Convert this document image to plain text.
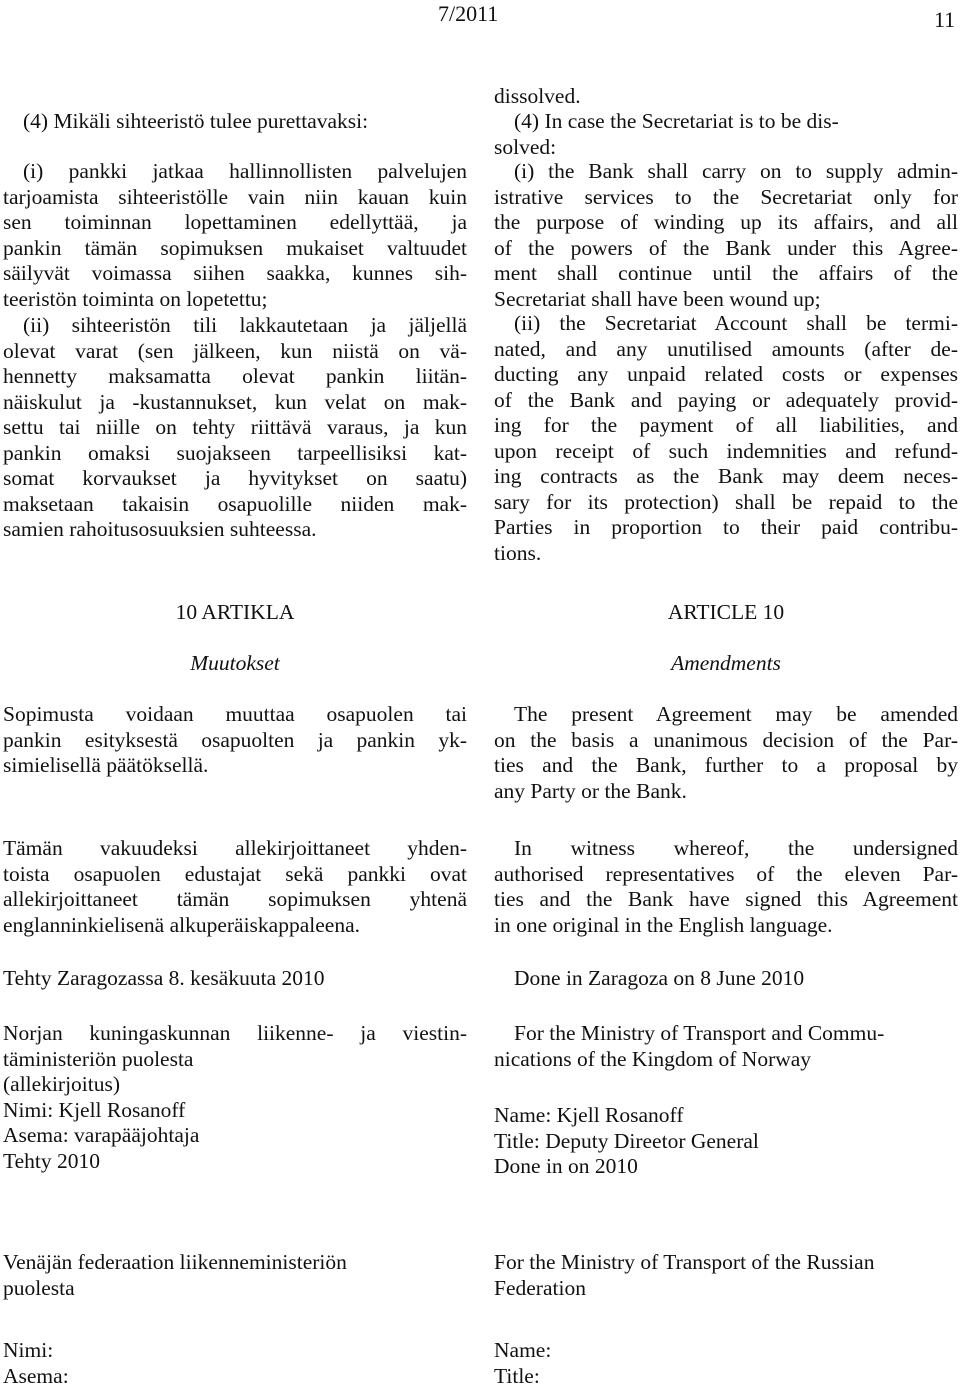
7/2011	11

(4) Mikäli sihteeristö tulee purettavaksi:

(i) pankki jatkaa hallinnollisten palvelujen
tarjoamista sihteeristölle vain niin kauan kuin
sen toiminnan lopettaminen edellyttää, ja
pankin tämän sopimuksen mukaiset valtuudet
säilyvät voimassa siihen saakka, kunnes sih-
teeristön toiminta on lopetettu;
(ii) sihteeristön tili lakkautetaan ja jäljellä
olevat varat (sen jälkeen, kun niistä on vä-
hennetty maksamatta olevat pankin liitän-
näiskulut ja -kustannukset, kun velat on mak-
settu tai niille on tehty riittävä varaus, ja kun
pankin omaksi suojakseen tarpeellisiksi kat-
somat korvaukset ja hyvitykset on saatu)
maksetaan takaisin osapuolille niiden mak-
samien rahoitusosuuksien suhteessa.
10 ARTIKLA
Muutokset
Sopimusta voidaan muuttaa osapuolen tai
pankin esityksestä osapuolten ja pankin yk-
simielisellä päätöksellä.
Tämän vakuudeksi allekirjoittaneet yhden-
toista osapuolen edustajat sekä pankki ovat
allekirjoittaneet tämän sopimuksen yhtenä
englanninkielisenä alkuperäiskappaleena.
Tehty Zaragozassa 8. kesäkuuta 2010
Norjan kuningaskunnan liikenne- ja viestin-
täministeriön puolesta
(allekirjoitus)
Nimi: Kjell Rosanoff
Asema: varapääjohtaja
Tehty 2010
Venäjän federaation liikenneministeriön
puolesta
Nimi:
Asema:
dissolved.
(4) In case the Secretariat is to be dis-
solved:
(i) the Bank shall carry on to supply admin-
istrative services to the Secretariat only for
the purpose of winding up its affairs, and all
of the powers of the Bank under this Agree-
ment shall continue until the affairs of the
Secretariat shall have been wound up;
(ii) the Secretariat Account shall be termi-
nated, and any unutilised amounts (after de-
ducting any unpaid related costs or expenses
of the Bank and paying or adequately provid-
ing for the payment of all liabilities, and
upon receipt of such indemnities and refund-
ing contracts as the Bank may deem neces-
sary for its protection) shall be repaid to the
Parties in proportion to their paid contribu-
tions.
ARTICLE 10
Amendments
The present Agreement may be amended
on the basis a unanimous decision of the Par-
ties and the Bank, further to a proposal by
any Party or the Bank.
In witness whereof, the undersigned
authorised representatives of the eleven Par-
ties and the Bank have signed this Agreement
in one original in the English language.

Done in Zaragoza on 8 June 2010

For the Ministry of Transport and Commu-
nications of the Kingdom of Norway
Name: Kjell Rosanoff
Title: Deputy Direetor General
Done in on 2010
For the Ministry of Transport of the Russian
Federation
Name:
Title:
